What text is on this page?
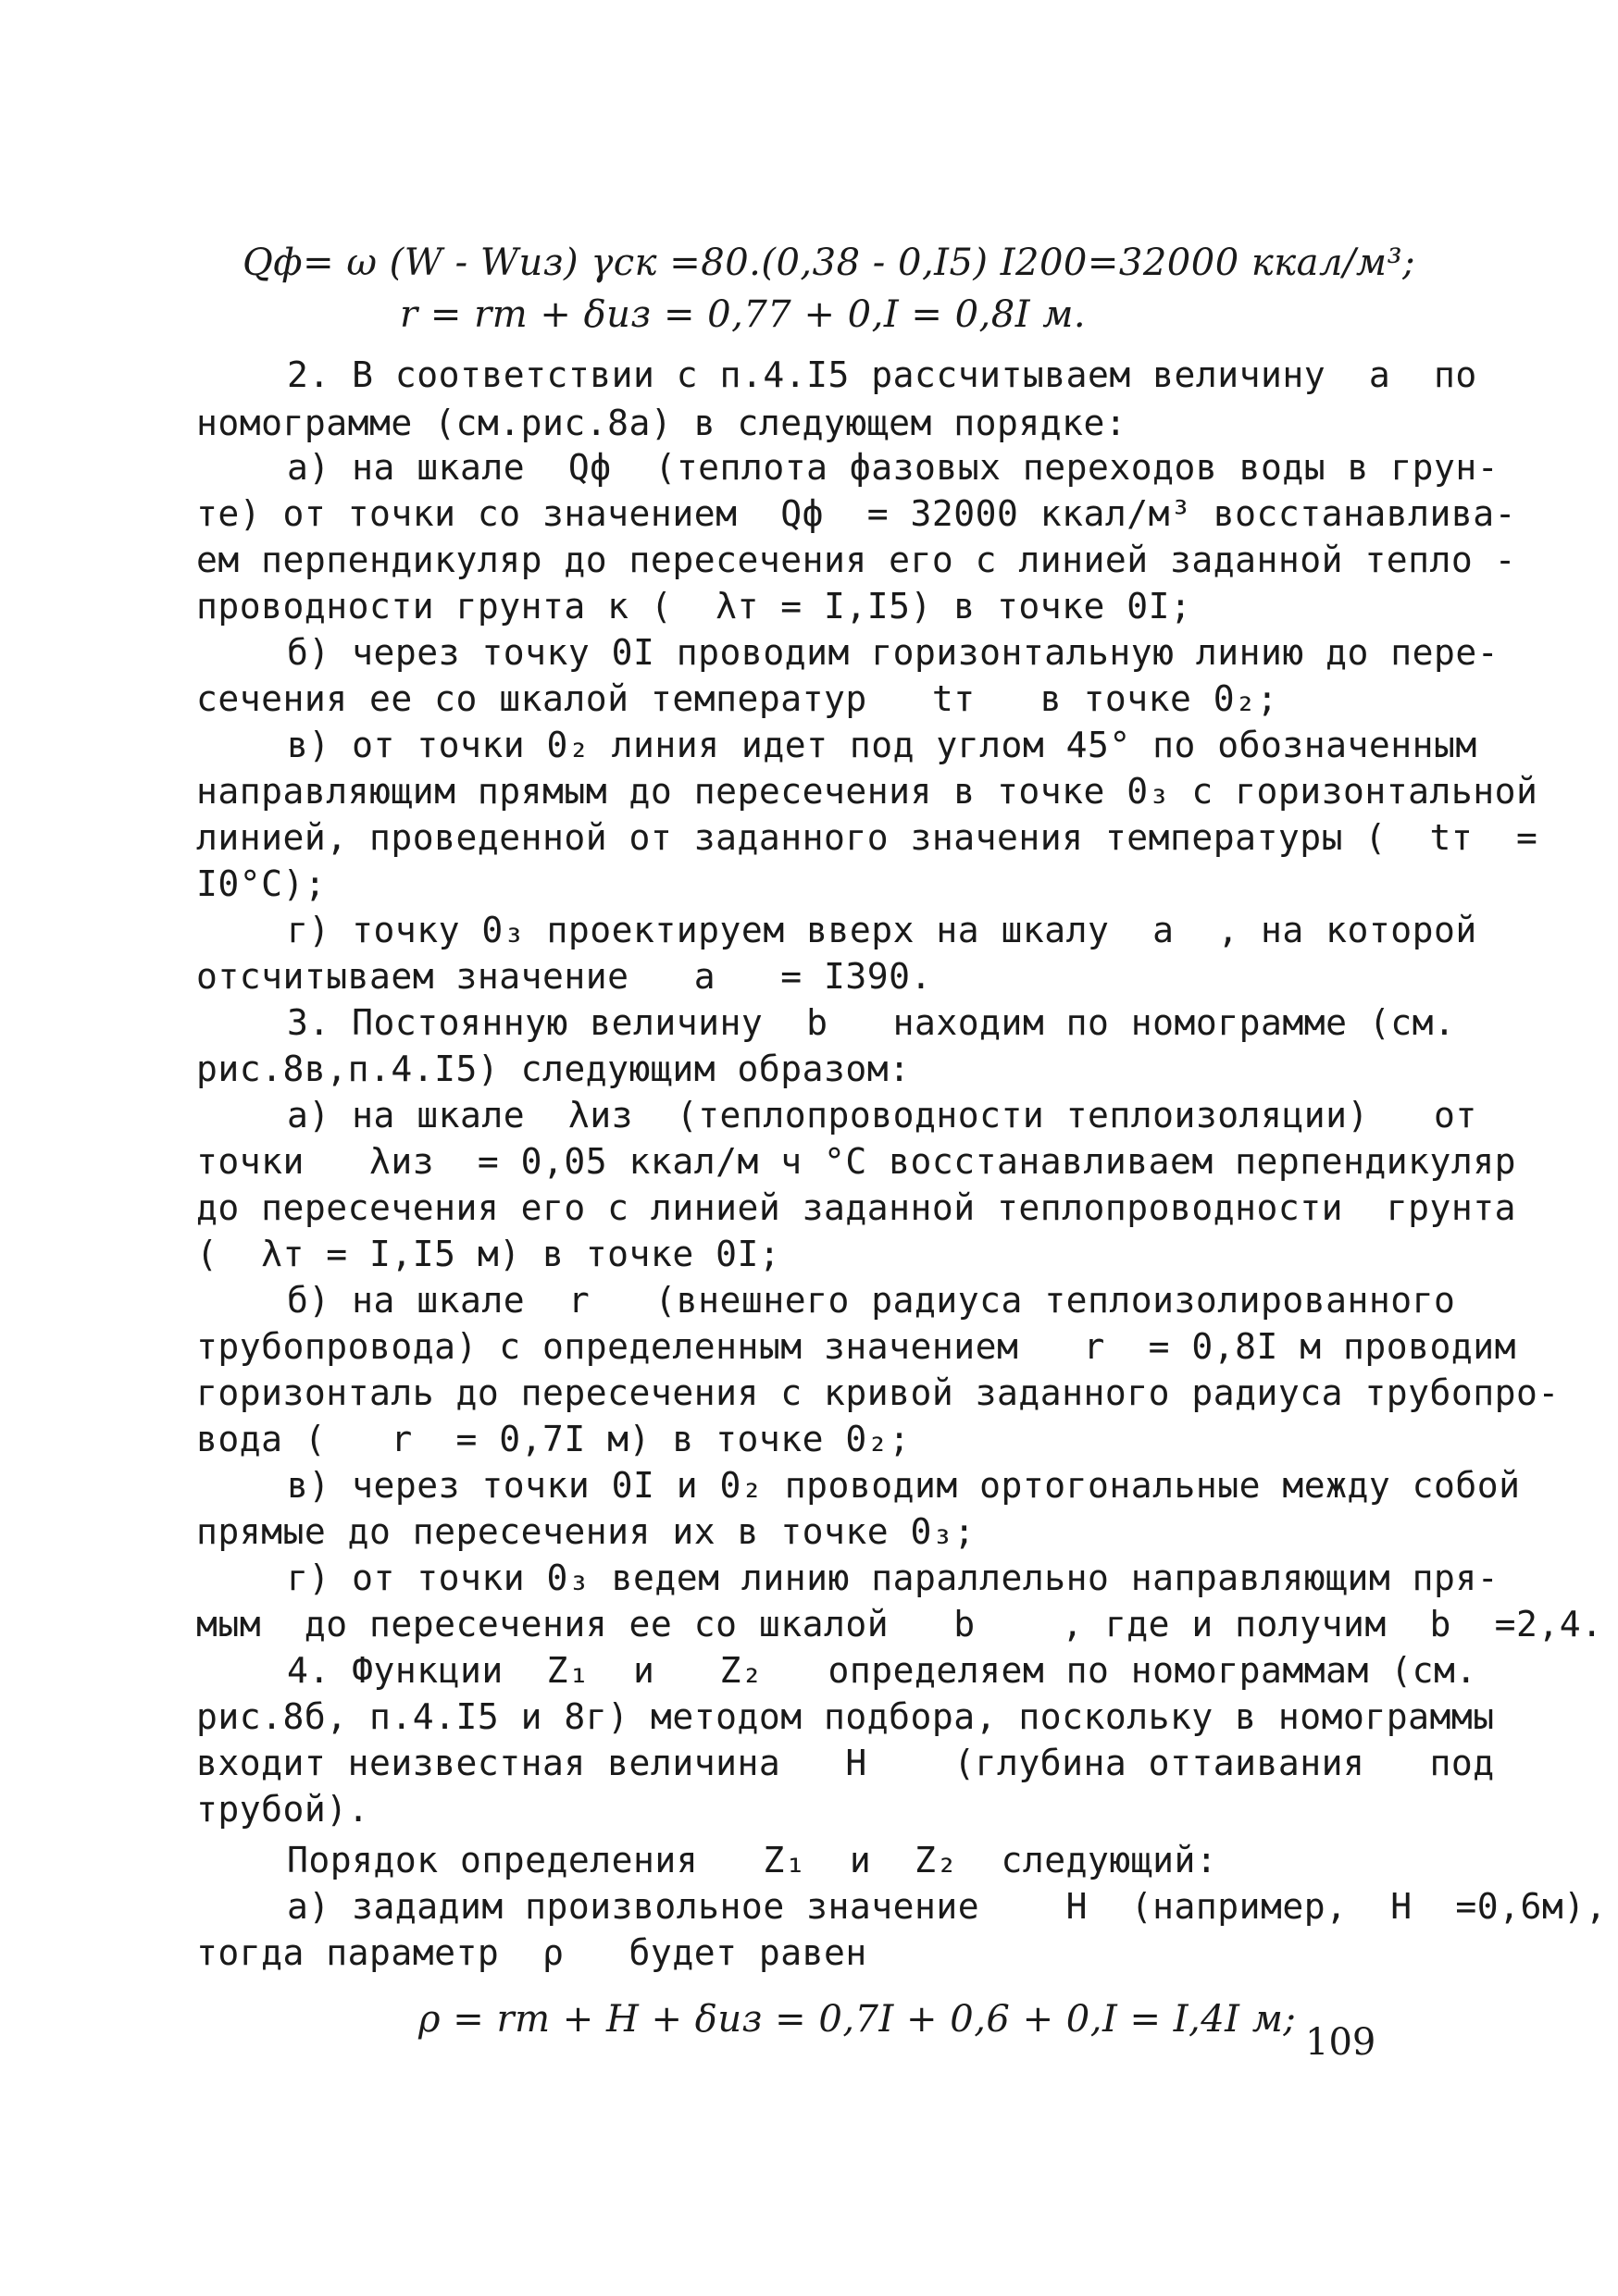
Qф= ω (W - Wиз) γск =80.(0,38 - 0,I5) I200=32000 ккал/м³;
r = rт + δиз = 0,77 + 0,I = 0,8I м.
2. В соответствии с п.4.I5 рассчитываем величину  a  по
номограмме (см.рис.8а) в следующем порядке:
а) на шкале  Qф  (теплота фазовых переходов воды в грун-
те) от точки со значением  Qф  = 32000 ккал/м³ восстанавлива-
ем перпендикуляр до пересечения его с линией заданной тепло -
проводности грунта к (  λт = I,I5) в точке 0I;
б) через точку 0I проводим горизонтальную линию до пере-
сечения ее со шкалой температур   tт   в точке 0₂;
в) от точки 0₂ линия идет под углом 45° по обозначенным
направляющим прямым до пересечения в точке 0₃ с горизонтальной
линией, проведенной от заданного значения температуры (  tт  =
I0°C);
г) точку 0₃ проектируем вверх на шкалу  a  , на которой
отсчитываем значение   a   = I390.
3. Постоянную величину  b   находим по номограмме (см.
рис.8в,п.4.I5) следующим образом:
а) на шкале  λиз  (теплопроводности теплоизоляции)   от
точки   λиз  = 0,05 ккал/м ч °C восстанавливаем перпендикуляр
до пересечения его с линией заданной теплопроводности  грунта
(  λт = I,I5 м) в точке 0I;
б) на шкале  r   (внешнего радиуса теплоизолированного
трубопровода) с определенным значением   r  = 0,8I м проводим
горизонталь до пересечения с кривой заданного радиуса трубопро-
вода (   r  = 0,7I м) в точке 0₂;
в) через точки 0I и 0₂ проводим ортогональные между собой
прямые до пересечения их в точке 0₃;
г) от точки 0₃ ведем линию параллельно направляющим пря-
мым  до пересечения ее со шкалой   b    , где и получим  b  =2,4.
4. Функции  Z₁  и   Z₂   определяем по номограммам (см.
рис.8б, п.4.I5 и 8г) методом подбора, поскольку в номограммы
входит неизвестная величина   H    (глубина оттаивания   под
трубой).
Порядок определения   Z₁  и  Z₂  следующий:
а) зададим произвольное значение    H  (например,  H  =0,6м),
тогда параметр  ρ   будет равен
ρ = rт + H + δиз = 0,7I + 0,6 + 0,I = I,4I м;
109
